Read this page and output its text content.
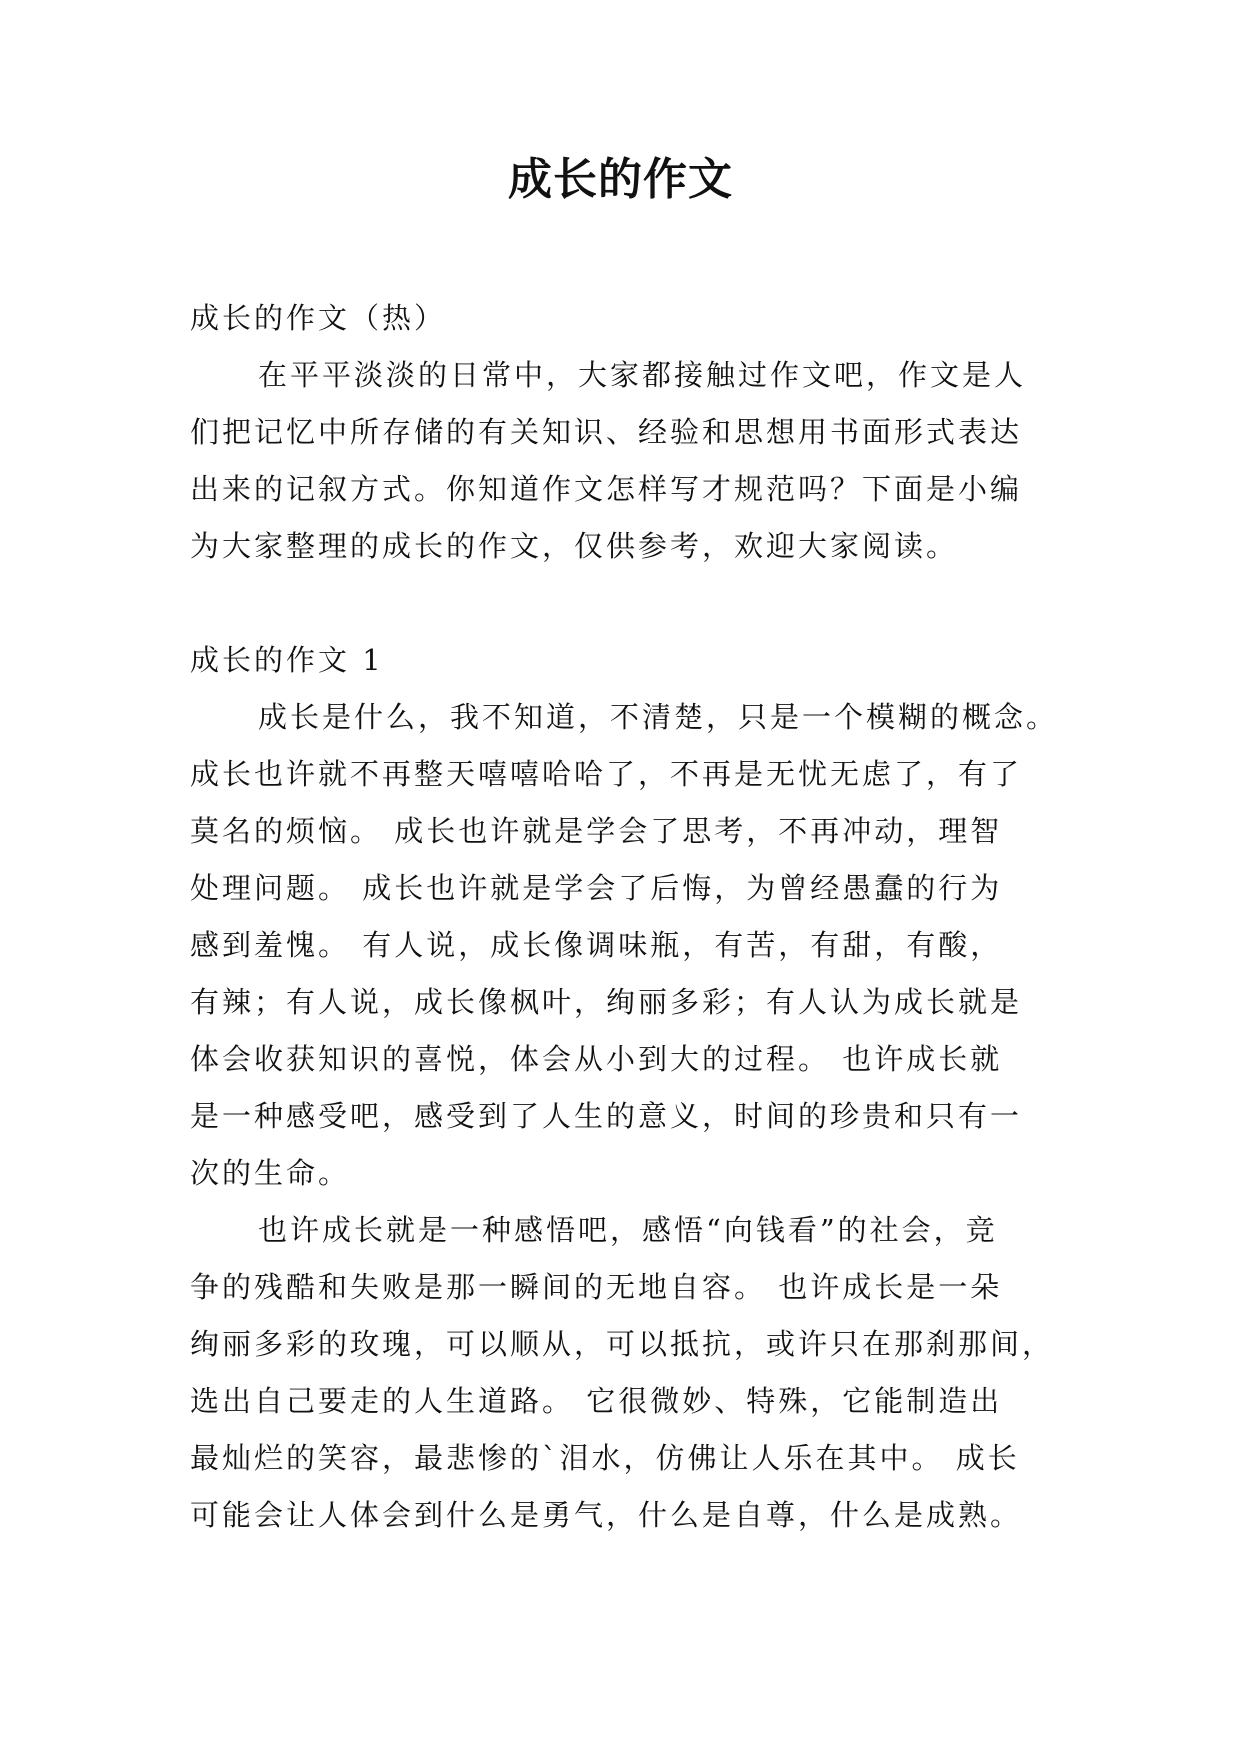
成长的作文
成长的作文（热）
在平平淡淡的日常中，大家都接触过作文吧，作文是人
们把记忆中所存储的有关知识、经验和思想用书面形式表达
出来的记叙方式。你知道作文怎样写才规范吗？下面是小编
为大家整理的成长的作文，仅供参考，欢迎大家阅读。
成长的作文 1
成长是什么，我不知道，不清楚，只是一个模糊的概念。
成长也许就不再整天嘻嘻哈哈了，不再是无忧无虑了，有了
莫名的烦恼。 成长也许就是学会了思考，不再冲动，理智
处理问题。 成长也许就是学会了后悔，为曾经愚蠢的行为
感到羞愧。 有人说，成长像调味瓶，有苦，有甜，有酸，
有辣；有人说，成长像枫叶，绚丽多彩；有人认为成长就是
体会收获知识的喜悦，体会从小到大的过程。 也许成长就
是一种感受吧，感受到了人生的意义，时间的珍贵和只有一
次的生命。
也许成长就是一种感悟吧，感悟“向钱看”的社会，竞
争的残酷和失败是那一瞬间的无地自容。 也许成长是一朵
绚丽多彩的玫瑰，可以顺从，可以抵抗，或许只在那刹那间，
选出自己要走的人生道路。 它很微妙、特殊，它能制造出
最灿烂的笑容，最悲惨的`泪水，仿佛让人乐在其中。 成长
可能会让人体会到什么是勇气，什么是自尊，什么是成熟。
